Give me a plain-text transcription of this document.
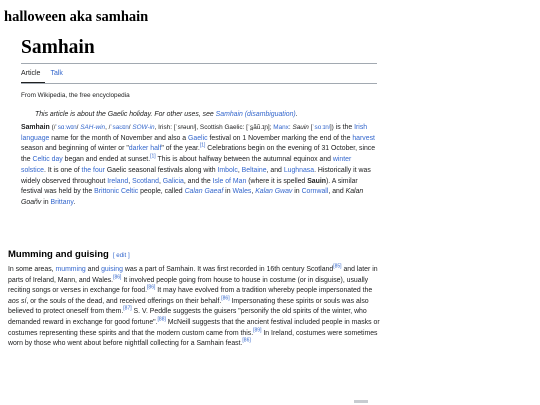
halloween aka samhain
Samhain
Article	Talk
From Wikipedia, the free encyclopedia
This article is about the Gaelic holiday. For other uses, see Samhain (disambiguation).

Samhain (/ˈsɑːwɪn/ SAH-win, /ˈsaʊɪn/ SOW-in, Irish: [ˈsˠəunʲ], Scottish Gaelic: [ˈs̪ãũ.ɪɲ]; Manx: Sauin [ˈsoːɪnʲ]) is the Irish language name for the month of November and also a Gaelic festival on 1 November marking the end of the harvest season and beginning of winter or "darker half" of the year.[1] Celebrations begin on the evening of 31 October, since the Celtic day began and ended at sunset.[1] This is about halfway between the autumnal equinox and winter solstice. It is one of the four Gaelic seasonal festivals along with Imbolc, Beltaine, and Lughnasa. Historically it was widely observed throughout Ireland, Scotland, Galicia, and the Isle of Man (where it is spelled Sauin). A similar festival was held by the Brittonic Celtic people, called Calan Gaeaf in Wales, Kalan Gwav in Cornwall, and Kalan Goañv in Brittany.

Mumming and guising [ edit ]

In some areas, mumming and guising was a part of Samhain. It was first recorded in 16th century Scotland[85] and later in parts of Ireland, Mann, and Wales.[86] It involved people going from house to house in costume (or in disguise), usually reciting songs or verses in exchange for food.[86] It may have evolved from a tradition whereby people impersonated the aos sí, or the souls of the dead, and received offerings on their behalf.[86] Impersonating these spirits or souls was also believed to protect oneself from them.[87] S. V. Peddle suggests the guisers "personify the old spirits of the winter, who demanded reward in exchange for good fortune".[88] McNeill suggests that the ancient festival included people in masks or costumes representing these spirits and that the modern custom came from this.[89] In Ireland, costumes were sometimes worn by those who went about before nightfall collecting for a Samhain feast.[86]
